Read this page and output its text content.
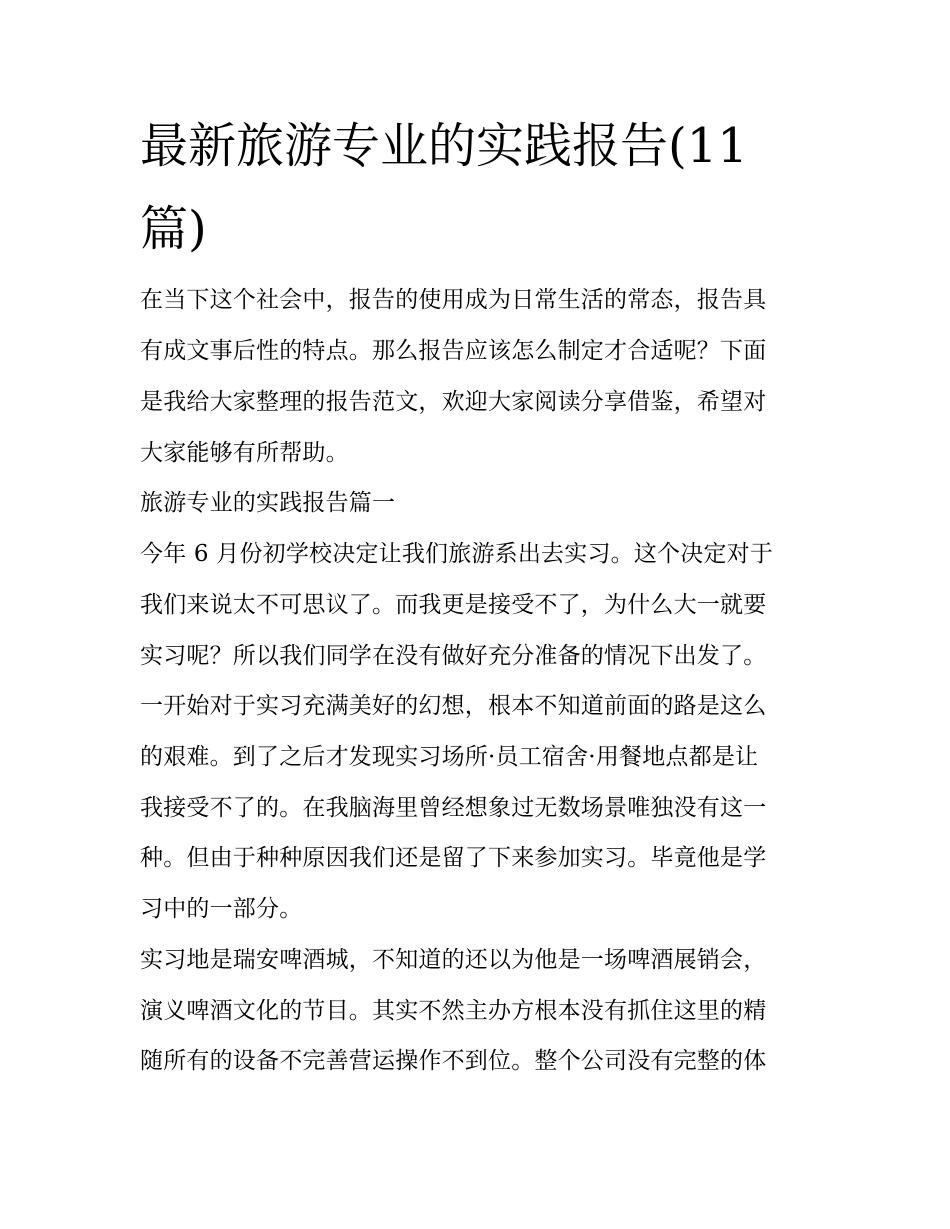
最新旅游专业的实践报告(11
篇)

在当下这个社会中，报告的使用成为日常生活的常态，报告具

有成文事后性的特点。那么报告应该怎么制定才合适呢？下面

是我给大家整理的报告范文，欢迎大家阅读分享借鉴，希望对

大家能够有所帮助。

旅游专业的实践报告篇一

今年 6 月份初学校决定让我们旅游系出去实习。这个决定对于

我们来说太不可思议了。而我更是接受不了，为什么大一就要

实习呢？所以我们同学在没有做好充分准备的情况下出发了。

一开始对于实习充满美好的幻想，根本不知道前面的路是这么

的艰难。到了之后才发现实习场所·员工宿舍·用餐地点都是让

我接受不了的。在我脑海里曾经想象过无数场景唯独没有这一

种。但由于种种原因我们还是留了下来参加实习。毕竟他是学

习中的一部分。

实习地是瑞安啤酒城，不知道的还以为他是一场啤酒展销会，

演义啤酒文化的节目。其实不然主办方根本没有抓住这里的精

随所有的设备不完善营运操作不到位。整个公司没有完整的体
